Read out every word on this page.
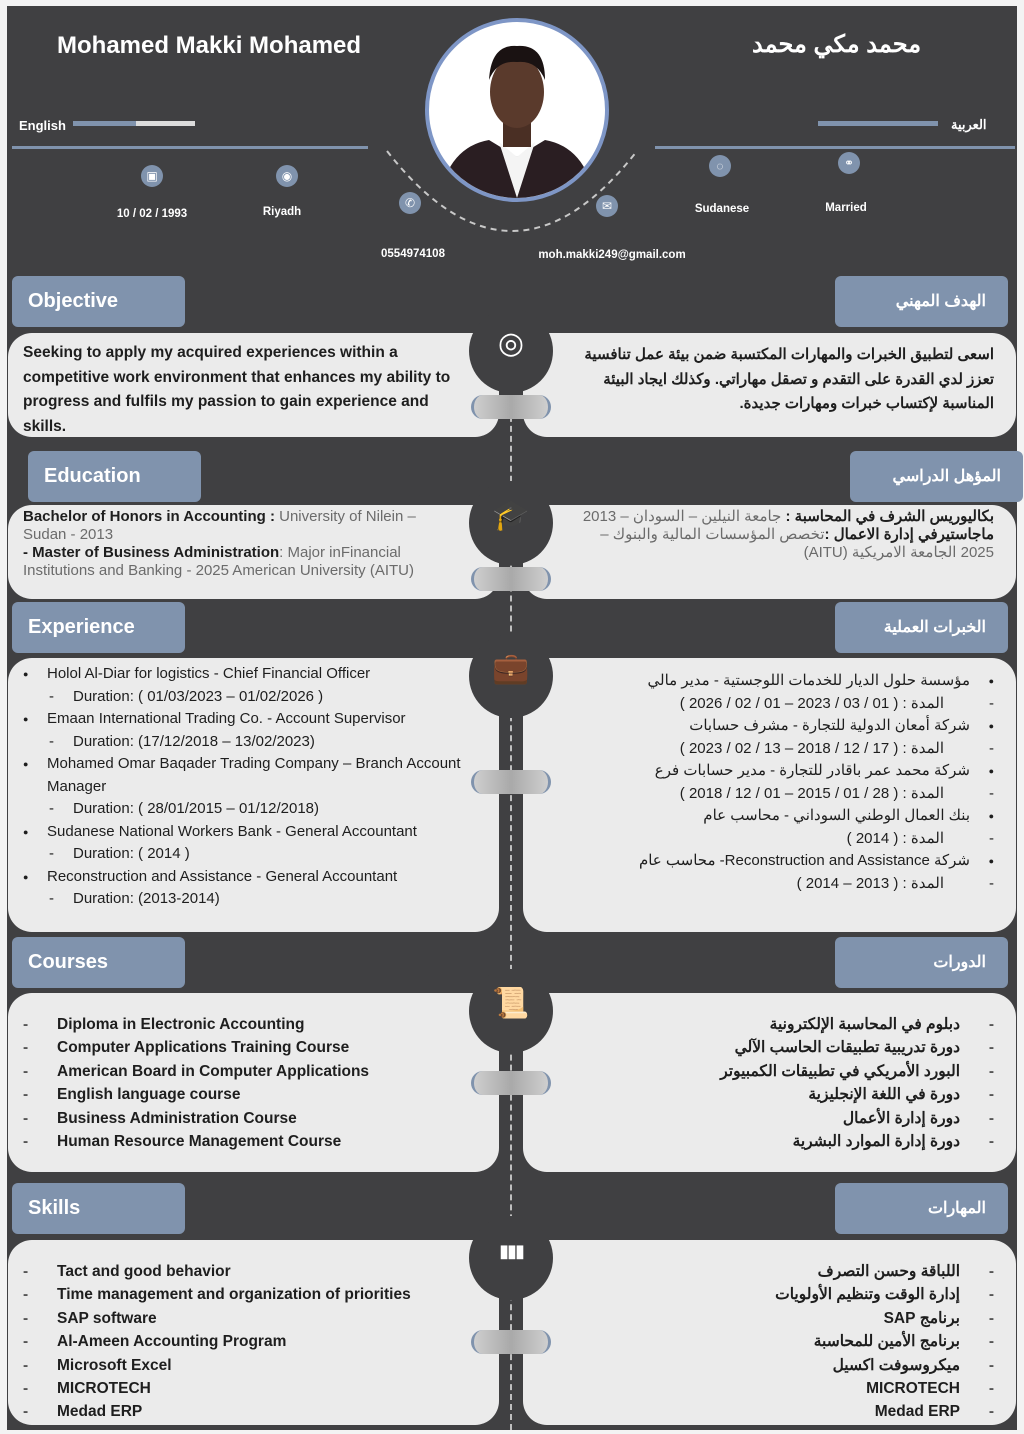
Mohamed Makki Mohamed	محمد مكي محمد
English	العربية
▣
10 / 02 / 1993
◉
Riyadh
✆
0554974108
✉
moh.makki249@gmail.com
◌
Sudanese
⚭
Married
Objective	الهدف المهني
Seeking to apply my acquired experiences within a competitive work environment that enhances my ability to progress and fulfils my passion to gain experience and skills.
اسعى لتطبيق الخبرات والمهارات المكتسبة ضمن بيئة عمل تنافسية تعزز لدي القدرة على التقدم و تصقل مهاراتي. وكذلك ايجاد البيئة المناسبة لإكتساب خبرات ومهارات جديدة.
◎
Education	المؤهل الدراسي
Bachelor of Honors in Accounting : University of Nilein – Sudan - 2013
- Master of Business Administration: Major inFinancial Institutions and Banking - 2025 American University (AITU)
بكاليوريس الشرف في المحاسبة : جامعة النيلين – السودان – 2013
ماجاستيرفي إدارة الاعمال :تخصص المؤسسات المالية والبنوك – 2025 الجامعة الامريكية (AITU)
🎓
Experience	الخبرات العملية
●	Holol Al-Diar for logistics - Chief Financial Officer
- Duration: ( 01/03/2023 – 01/02/2026 )
●	Emaan International Trading Co. - Account Supervisor
- Duration: (17/12/2018 – 13/02/2023)
●	Mohamed Omar Baqader Trading Company – Branch Account Manager
- Duration: ( 28/01/2015 – 01/12/2018)
●	Sudanese National Workers Bank - General Accountant
- Duration: ( 2014 )
●	Reconstruction and Assistance - General Accountant
- Duration: (2013-2014)
●
مؤسسة حلول الديار للخدمات اللوجستية - مدير مالي
-المدة : ( 01 / 03 / 2023 – 01 / 02 / 2026 )
●
شركة أمعان الدولية للتجارة - مشرف حسابات
-المدة : ( 17 / 12 / 2018 – 13 / 02 / 2023 )
●
شركة محمد عمر باقادر للتجارة - مدير حسابات فرع
-المدة : ( 28 / 01 / 2015 – 01 / 12 / 2018 )
●
بنك العمال الوطني السوداني - محاسب عام
-المدة : ( 2014 )
●
شركة Reconstruction and Assistance- محاسب عام
-المدة : ( 2013 – 2014 )
💼
Courses	الدورات
- Diploma in Electronic Accounting
- Computer Applications Training Course
- American Board in Computer Applications
- English language course
- Business Administration Course
- Human Resource Management Course
-دبلوم في المحاسبة الإلكترونية
-دورة تدريبية تطبيقات الحاسب الآلي
-البورد الأمريكي في تطبيقات الكمبيوتر
-دورة في اللغة الإنجليزية
-دورة إدارة الأعمال
-دورة إدارة الموارد البشرية
📜
Skills	المهارات
- Tact and good behavior
- Time management and organization of priorities
- SAP software
- Al-Ameen Accounting Program
- Microsoft Excel
- MICROTECH
- Medad ERP
-اللباقة وحسن التصرف
-إدارة الوقت وتنظيم الأولويات
-برنامج SAP
-برنامج الأمين للمحاسبة
-ميكروسوفت اكسيل
-MICROTECH
-Medad ERP
▮▮▮
